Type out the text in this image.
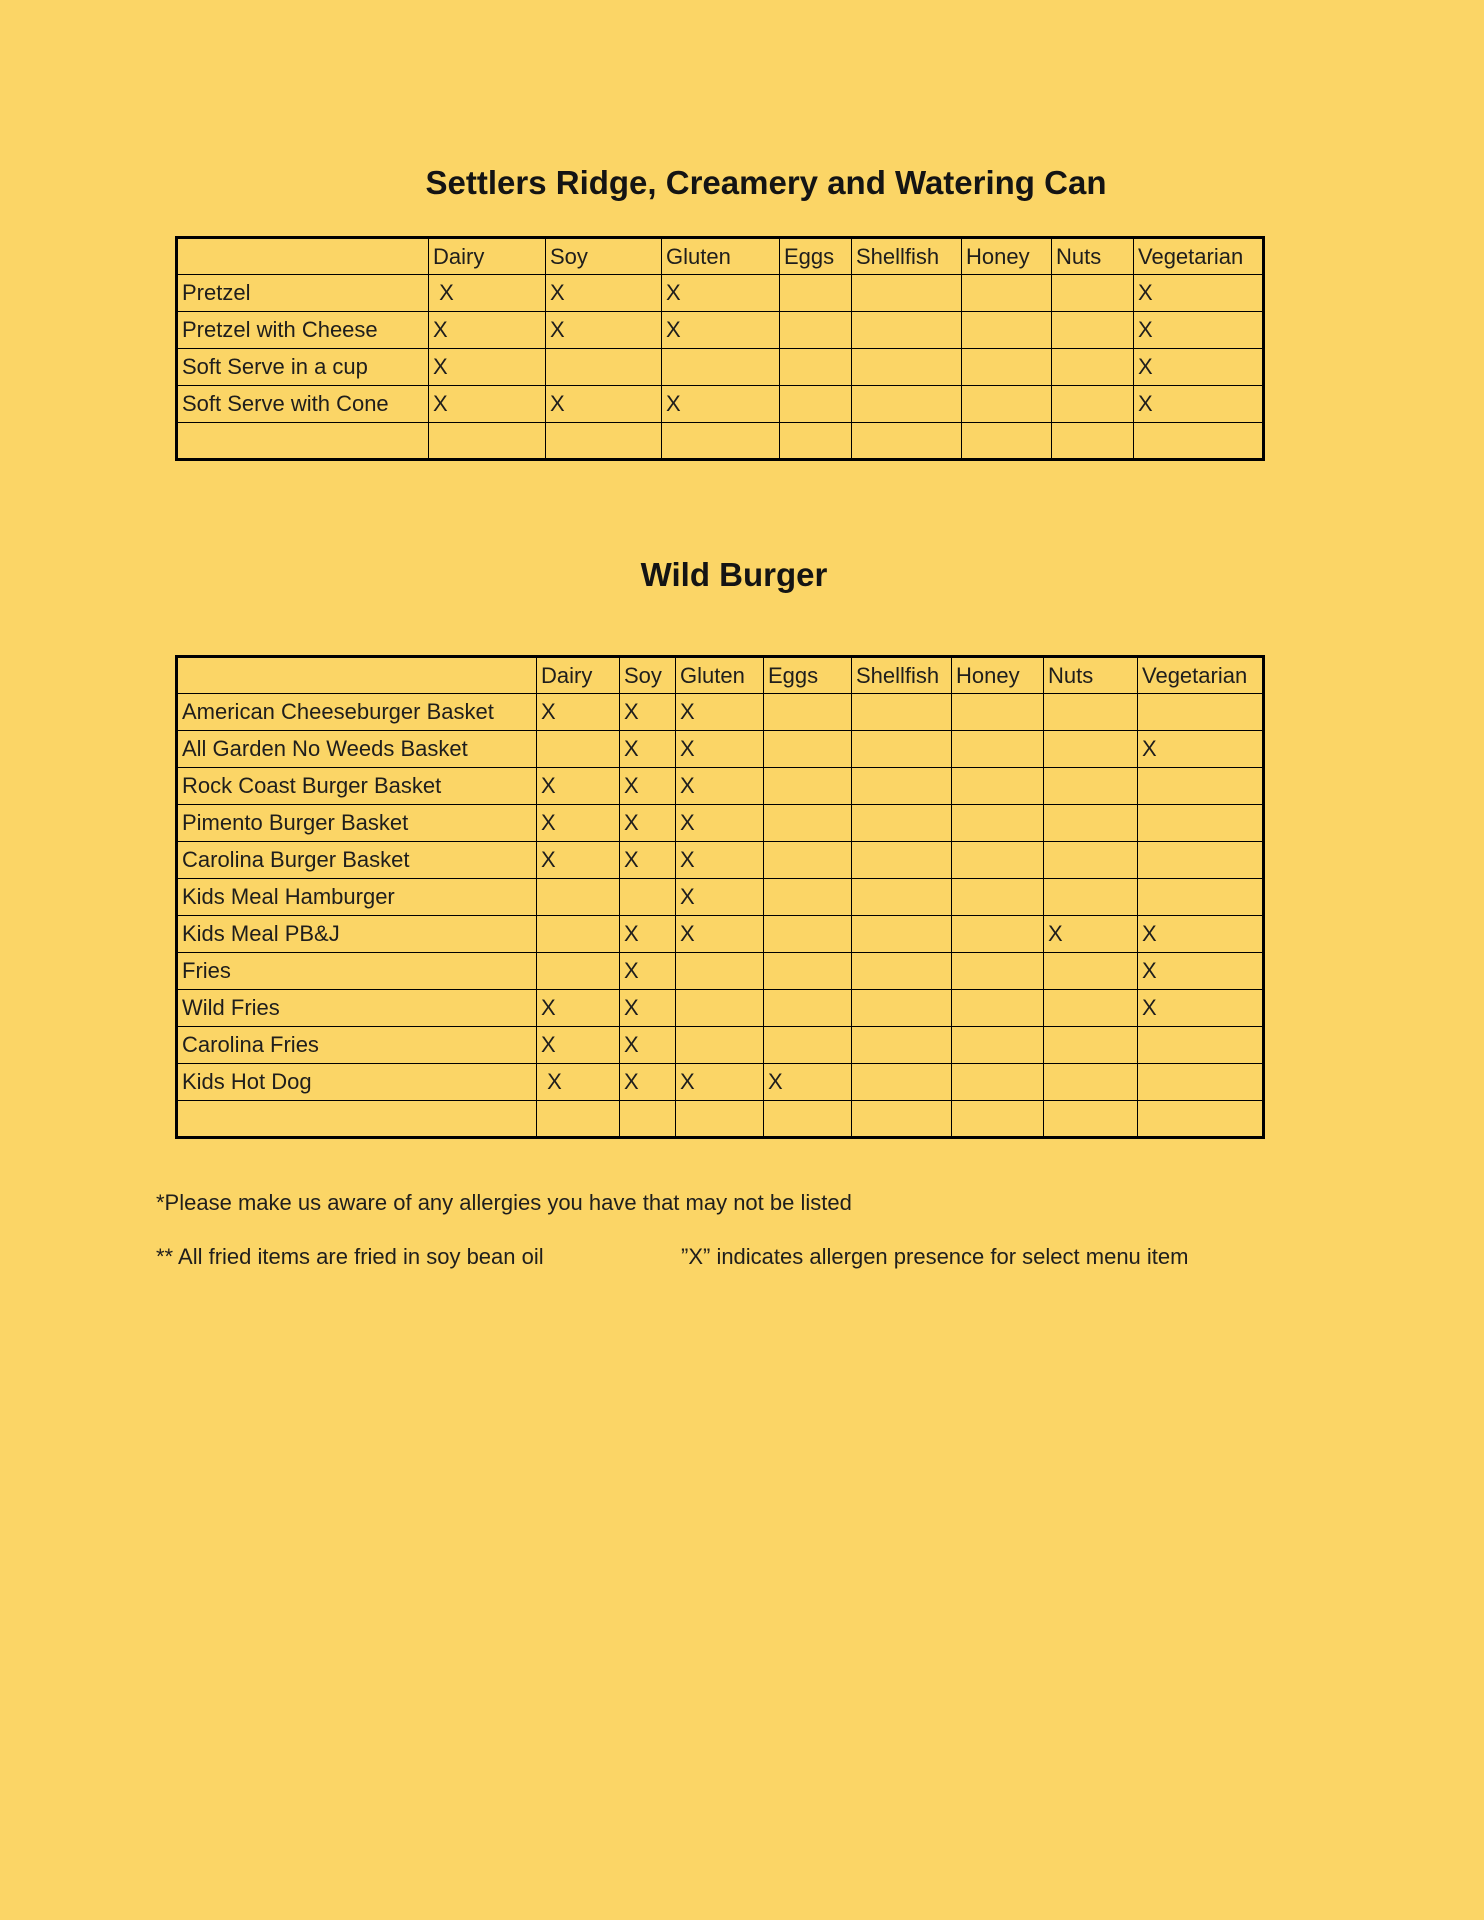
Settlers Ridge, Creamery and Watering Can
	Dairy	Soy	Gluten	Eggs	Shellfish	Honey	Nuts	Vegetarian
Pretzel	X	X	X					X
Pretzel with Cheese	X	X	X					X
Soft Serve in a cup	X							X
Soft Serve with Cone	X	X	X					X

Wild Burger
	Dairy	Soy	Gluten	Eggs	Shellfish	Honey	Nuts	Vegetarian
American Cheeseburger Basket	X	X	X					
All Garden No Weeds Basket		X	X					X
Rock Coast Burger Basket	X	X	X					
Pimento Burger Basket	X	X	X					
Carolina Burger Basket	X	X	X					
Kids Meal Hamburger			X					
Kids Meal PB&J		X	X				X	X
Fries		X						X
Wild Fries	X	X						X
Carolina Fries	X	X						
Kids Hot Dog	X	X	X	X				

*Please make us aware of any allergies you have that may not be listed
** All fried items are fried in soy bean oil	”X” indicates allergen presence for select menu item
